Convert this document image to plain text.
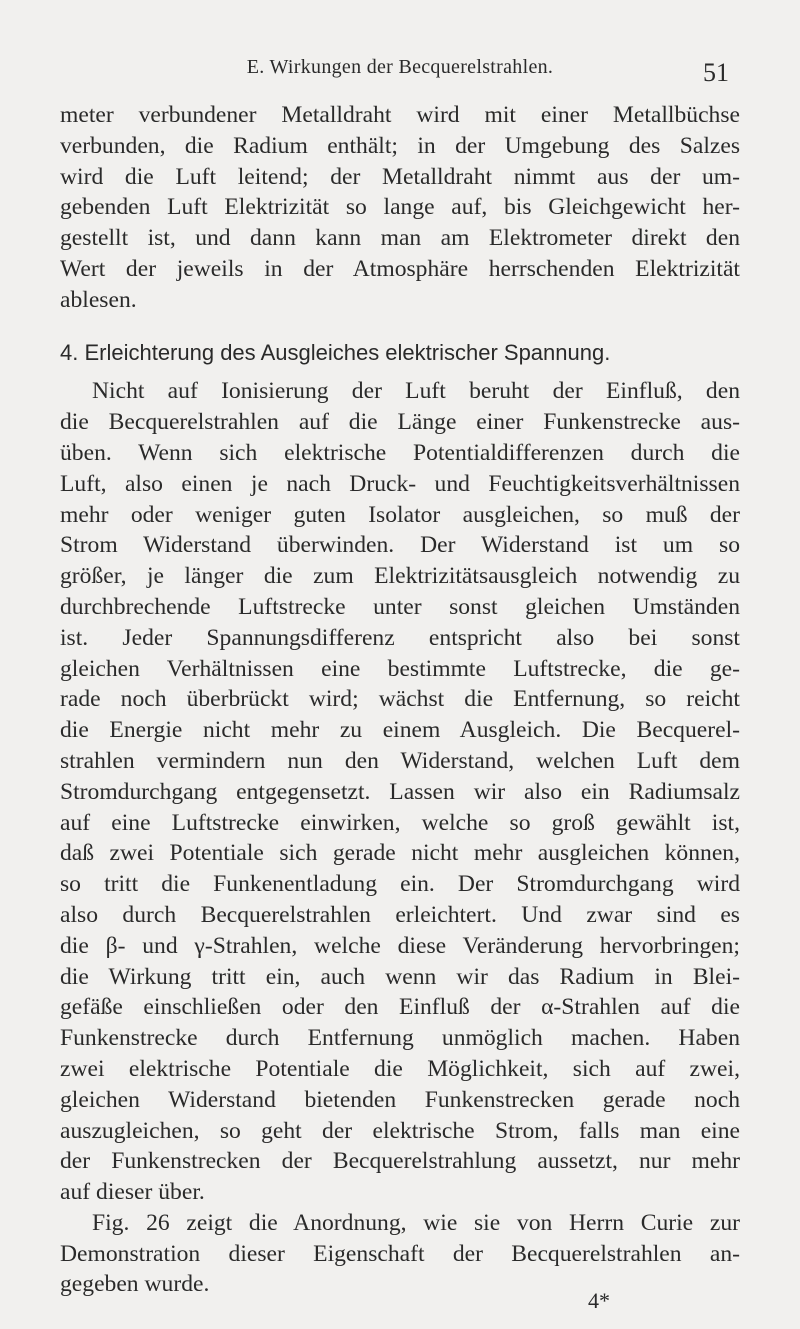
E. Wirkungen der Becquerelstrahlen.	51
meter verbundener Metalldraht wird mit einer Metallbüchse
verbunden, die Radium enthält; in der Umgebung des Salzes
wird die Luft leitend; der Metalldraht nimmt aus der um-
gebenden Luft Elektrizität so lange auf, bis Gleichgewicht her-
gestellt ist, und dann kann man am Elektrometer direkt den
Wert der jeweils in der Atmosphäre herrschenden Elektrizität
ablesen.
4. Erleichterung des Ausgleiches elektrischer Spannung.
Nicht auf Ionisierung der Luft beruht der Einfluß, den
die Becquerelstrahlen auf die Länge einer Funkenstrecke aus-
üben. Wenn sich elektrische Potentialdifferenzen durch die
Luft, also einen je nach Druck- und Feuchtigkeitsverhältnissen
mehr oder weniger guten Isolator ausgleichen, so muß der
Strom Widerstand überwinden. Der Widerstand ist um so
größer, je länger die zum Elektrizitätsausgleich notwendig zu
durchbrechende Luftstrecke unter sonst gleichen Umständen
ist. Jeder Spannungsdifferenz entspricht also bei sonst
gleichen Verhältnissen eine bestimmte Luftstrecke, die ge-
rade noch überbrückt wird; wächst die Entfernung, so reicht
die Energie nicht mehr zu einem Ausgleich. Die Becquerel-
strahlen vermindern nun den Widerstand, welchen Luft dem
Stromdurchgang entgegensetzt. Lassen wir also ein Radiumsalz
auf eine Luftstrecke einwirken, welche so groß gewählt ist,
daß zwei Potentiale sich gerade nicht mehr ausgleichen können,
so tritt die Funkenentladung ein. Der Stromdurchgang wird
also durch Becquerelstrahlen erleichtert. Und zwar sind es
die β- und γ-Strahlen, welche diese Veränderung hervorbringen;
die Wirkung tritt ein, auch wenn wir das Radium in Blei-
gefäße einschließen oder den Einfluß der α-Strahlen auf die
Funkenstrecke durch Entfernung unmöglich machen. Haben
zwei elektrische Potentiale die Möglichkeit, sich auf zwei,
gleichen Widerstand bietenden Funkenstrecken gerade noch
auszugleichen, so geht der elektrische Strom, falls man eine
der Funkenstrecken der Becquerelstrahlung aussetzt, nur mehr
auf dieser über.
Fig. 26 zeigt die Anordnung, wie sie von Herrn Curie zur
Demonstration dieser Eigenschaft der Becquerelstrahlen an-
gegeben wurde.
4*
